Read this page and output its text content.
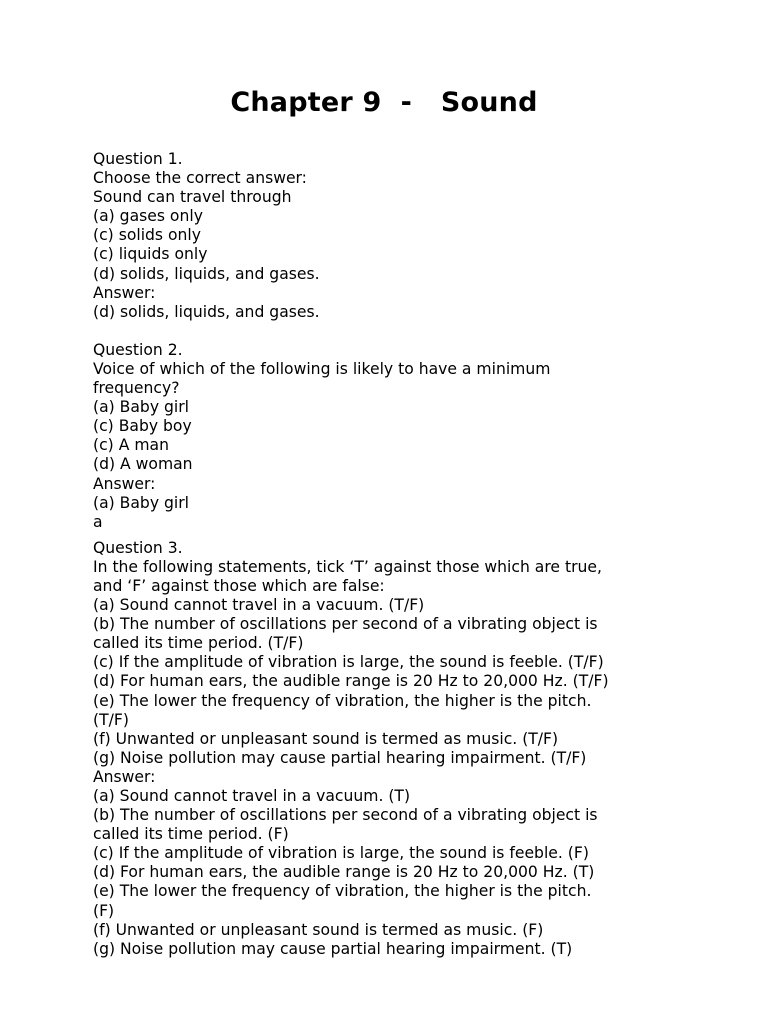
Chapter 9  -   Sound
Question 1.
Choose the correct answer:
Sound can travel through
(a) gases only
(c) solids only
(c) liquids only
(d) solids, liquids, and gases.
Answer:
(d) solids, liquids, and gases.
Question 2.
Voice of which of the following is likely to have a minimum
frequency?
(a) Baby girl
(c) Baby boy
(c) A man
(d) A woman
Answer:
(a) Baby girl
a
Question 3.
In the following statements, tick ‘T’ against those which are true,
and ‘F’ against those which are false:
(a) Sound cannot travel in a vacuum. (T/F)
(b) The number of oscillations per second of a vibrating object is
called its time period. (T/F)
(c) If the amplitude of vibration is large, the sound is feeble. (T/F)
(d) For human ears, the audible range is 20 Hz to 20,000 Hz. (T/F)
(e) The lower the frequency of vibration, the higher is the pitch.
(T/F)
(f) Unwanted or unpleasant sound is termed as music. (T/F)
(g) Noise pollution may cause partial hearing impairment. (T/F)
Answer:
(a) Sound cannot travel in a vacuum. (T)
(b) The number of oscillations per second of a vibrating object is
called its time period. (F)
(c) If the amplitude of vibration is large, the sound is feeble. (F)
(d) For human ears, the audible range is 20 Hz to 20,000 Hz. (T)
(e) The lower the frequency of vibration, the higher is the pitch.
(F)
(f) Unwanted or unpleasant sound is termed as music. (F)
(g) Noise pollution may cause partial hearing impairment. (T)
